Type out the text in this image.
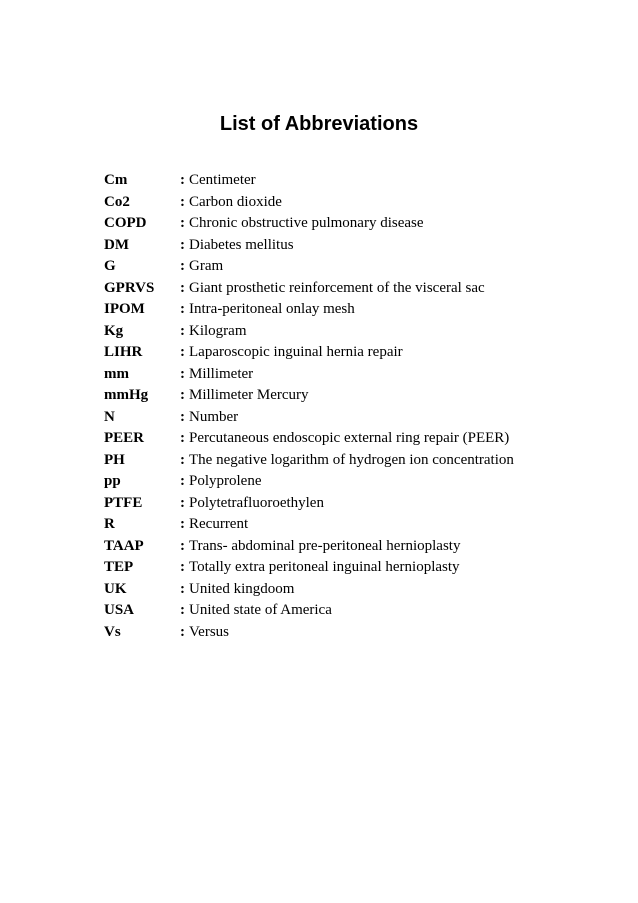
List of Abbreviations
Cm	: Centimeter
Co2	: Carbon dioxide
COPD : Chronic obstructive pulmonary disease
DM	: Diabetes mellitus
G	: Gram
GPRVS : Giant prosthetic reinforcement of the visceral sac
IPOM : Intra-peritoneal onlay mesh
Kg	: Kilogram
LIHR	: Laparoscopic inguinal hernia repair
mm	: Millimeter
mmHg : Millimeter Mercury
N	: Number
PEER : Percutaneous endoscopic external ring repair (PEER)
PH	: The negative logarithm of hydrogen ion concentration
pp	: Polyprolene
PTFE	: Polytetrafluoroethylen
R	: Recurrent
TAAP : Trans- abdominal pre-peritoneal hernioplasty
TEP	: Totally extra peritoneal inguinal hernioplasty
UK	: United kingdoom
USA	: United state of America
Vs	: Versus
